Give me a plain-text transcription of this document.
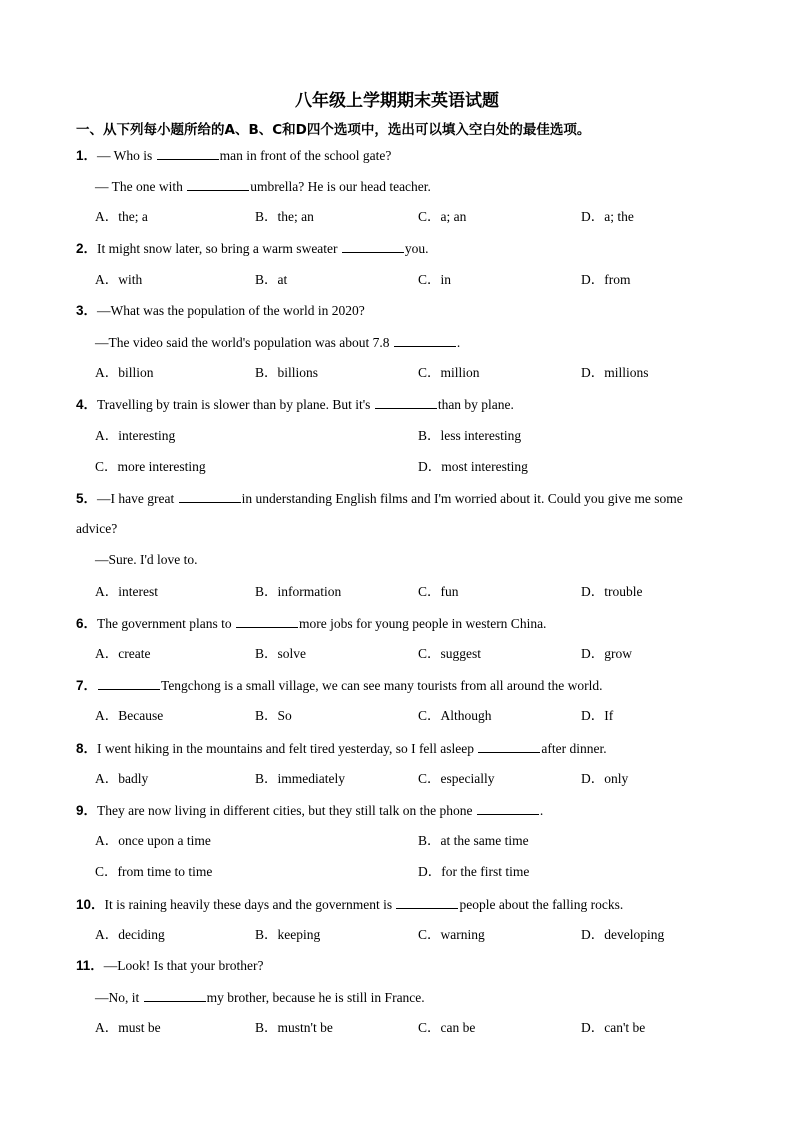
八年级上学期期末英语试题
一、从下列每小题所给的A、B、C和D四个选项中，选出可以填入空白处的最佳选项。
1．— Who is	man in front of the school gate?
— The one with	umbrella? He is our head teacher.
A．the; a	B．the; an	C．a; an	D．a; the
2．It might snow later, so bring a warm sweater	you.
A．with	B．at	C．in	D．from
3．—What was the population of the world in 2020?
—The video said the world's population was about 7.8	.
A．billion	B．billions	C．million	D．millions
4．Travelling by train is slower than by plane. But it's	than by plane.
A．interesting	B．less interesting
C．more interesting	D．most interesting
5．—I have great	in understanding English films and I'm worried about it. Could you give me some
advice?
—Sure. I'd love to.
A．interest	B．information	C．fun	D．trouble
6．The government plans to	more jobs for young people in western China.
A．create	B．solve	C．suggest	D．grow
7．	Tengchong is a small village, we can see many tourists from all around the world.
A．Because	B．So	C．Although	D．If
8．I went hiking in the mountains and felt tired yesterday, so I fell asleep	after dinner.
A．badly	B．immediately	C．especially	D．only
9．They are now living in different cities, but they still talk on the phone	.
A．once upon a time	B．at the same time
C．from time to time	D．for the first time
10．It is raining heavily these days and the government is	people about the falling rocks.
A．deciding	B．keeping	C．warning	D．developing
11．—Look! Is that your brother?
—No, it	my brother, because he is still in France.
A．must be	B．mustn't be	C．can be	D．can't be
